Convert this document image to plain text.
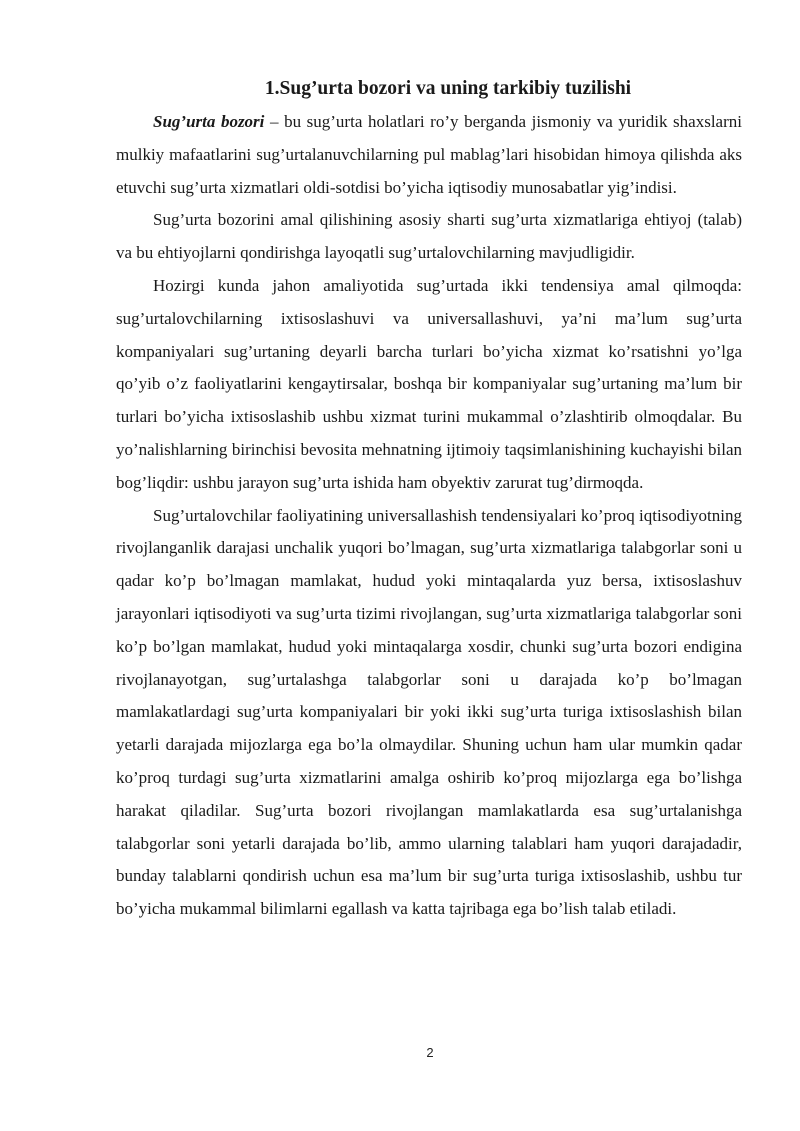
1.Sug’urta bozori va uning tarkibiy tuzilishi

Sug’urta bozori – bu sug’urta holatlari ro’y berganda jismoniy va yuridik shaxslarni mulkiy mafaatlarini sug’urtalanuvchilarning pul mablag’lari hisobidan himoya qilishda aks etuvchi sug’urta xizmatlari oldi-sotdisi bo’yicha iqtisodiy munosabatlar yig’indisi.

Sug’urta bozorini amal qilishining asosiy sharti sug’urta xizmatlariga ehtiyoj (talab) va bu ehtiyojlarni qondirishga layoqatli sug’urtalovchilarning mavjudligidir.

Hozirgi kunda jahon amaliyotida sug’urtada ikki tendensiya amal qilmoqda: sug’urtalovchilarning ixtisoslashuvi va universallashuvi, ya’ni ma’lum sug’urta kompaniyalari sug’urtaning deyarli barcha turlari bo’yicha xizmat ko’rsatishni yo’lga qo’yib o’z faoliyatlarini kengaytirsalar, boshqa bir kompaniyalar sug’urtaning ma’lum bir turlari bo’yicha ixtisoslashib ushbu xizmat turini mukammal o’zlashtirib olmoqdalar. Bu yo’nalishlarning birinchisi bevosita mehnatning ijtimoiy taqsimlanishining kuchayishi bilan bog’liqdir: ushbu jarayon sug’urta ishida ham obyektiv zarurat tug’dirmoqda.

Sug’urtalovchilar faoliyatining universallashish tendensiyalari ko’proq iqtisodiyotning rivojlanganlik darajasi unchalik yuqori bo’lmagan, sug’urta xizmatlariga talabgorlar soni u qadar ko’p bo’lmagan mamlakat, hudud yoki mintaqalarda yuz bersa, ixtisoslashuv jarayonlari iqtisodiyoti va sug’urta tizimi rivojlangan, sug’urta xizmatlariga talabgorlar soni ko’p bo’lgan mamlakat, hudud yoki mintaqalarga xosdir, chunki sug’urta bozori endigina rivojlanayotgan, sug’urtalashga talabgorlar soni u darajada ko’p bo’lmagan mamlakatlardagi sug’urta kompaniyalari bir yoki ikki sug’urta turiga ixtisoslashish bilan yetarli darajada mijozlarga ega bo’la olmaydilar. Shuning uchun ham ular mumkin qadar ko’proq turdagi sug’urta xizmatlarini amalga oshirib ko’proq mijozlarga ega bo’lishga harakat qiladilar. Sug’urta bozori rivojlangan mamlakatlarda esa sug’urtalanishga talabgorlar soni yetarli darajada bo’lib, ammo ularning talablari ham yuqori darajadadir, bunday talablarni qondirish uchun esa ma’lum bir sug’urta turiga ixtisoslashib, ushbu tur bo’yicha mukammal bilimlarni egallash va katta tajribaga ega bo’lish talab etiladi.

2
